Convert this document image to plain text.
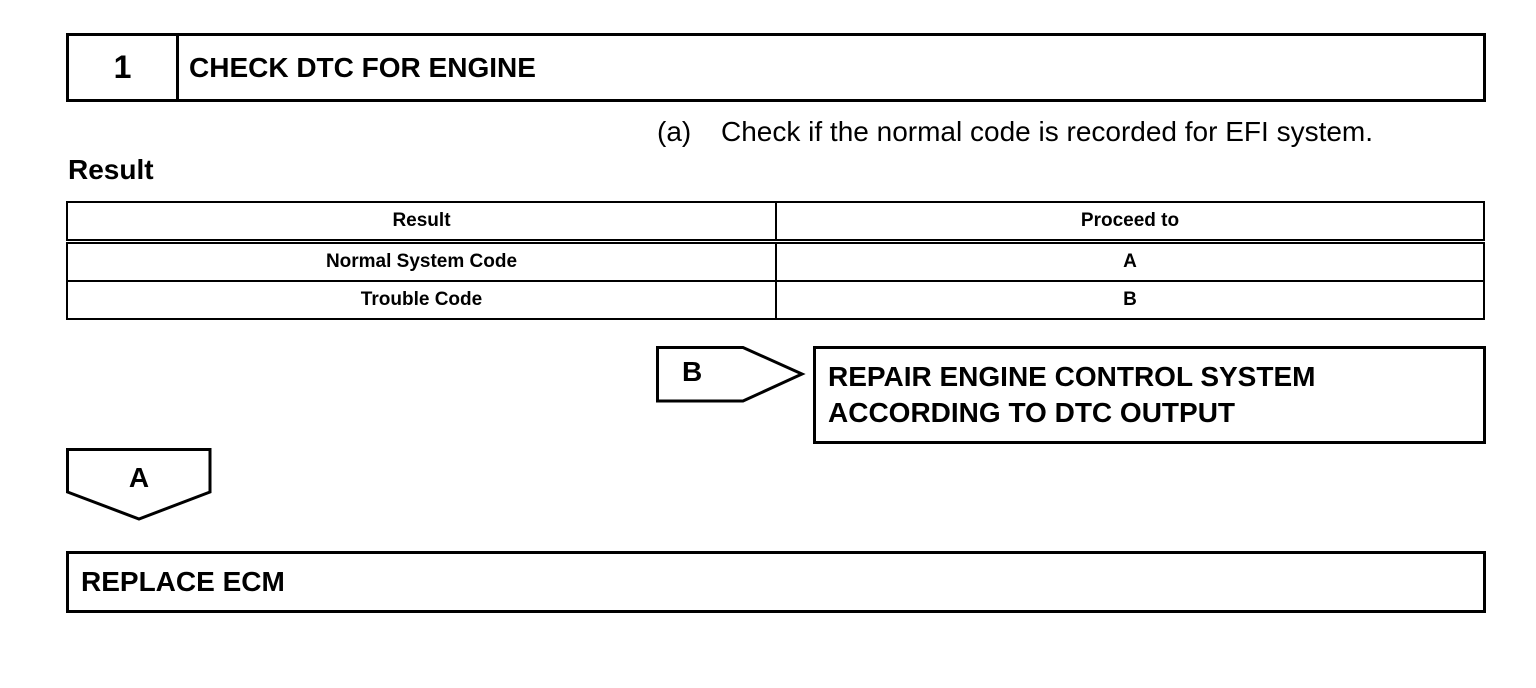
1	CHECK DTC FOR ENGINE
(a) Check if the normal code is recorded for EFI system.
Result
Result	Proceed to
Normal System Code	A
Trouble Code	B
B	REPAIR ENGINE CONTROL SYSTEM
ACCORDING TO DTC OUTPUT
A
REPLACE ECM
